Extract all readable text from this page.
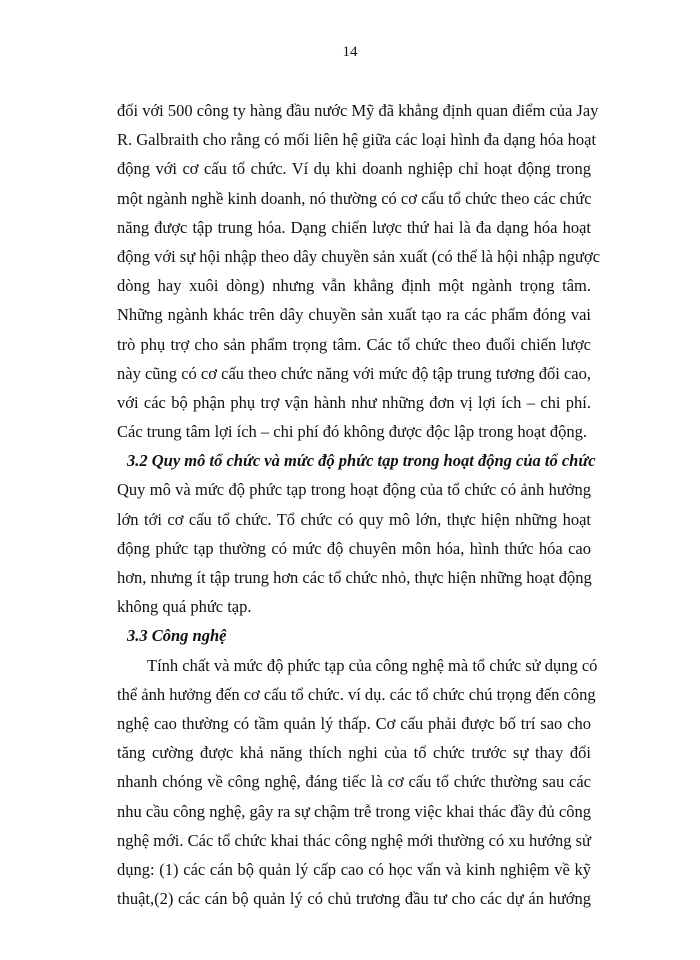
14
đối với 500 công ty hàng đầu nước Mỹ đã khẳng định quan điểm của Jay
R. Galbraith cho rằng có mối liên hệ giữa các loại hình đa dạng hóa hoạt
động với cơ cấu tổ chức. Ví dụ khi doanh nghiệp chỉ hoạt động trong
một ngành nghề kinh doanh, nó thường có cơ cấu tổ chức theo các chức
năng được tập trung hóa. Dạng chiến lược thứ hai là đa dạng hóa hoạt
động với sự hội nhập theo dây chuyền sản xuất (có thể là hội nhập ngược
dòng hay xuôi dòng) nhưng vẫn khẳng định một ngành trọng tâm.
Những ngành khác trên dây chuyền sản xuất tạo ra các phẩm đóng vai
trò phụ trợ cho sản phẩm trọng tâm. Các tổ chức theo đuổi chiến lược
này cũng có cơ cấu theo chức năng với mức độ tập trung tương đối cao,
với các bộ phận phụ trợ vận hành như những đơn vị lợi ích – chi phí.
Các trung tâm lợi ích – chi phí đó không được độc lập trong hoạt động.
3.2 Quy mô tổ chức và mức độ phức tạp trong hoạt động của tổ chức
Quy mô và mức độ phức tạp trong hoạt động của tổ chức có ảnh hưởng
lớn tới cơ cấu tổ chức. Tổ chức có quy mô lớn, thực hiện những hoạt
động phức tạp thường có mức độ chuyên môn hóa, hình thức hóa cao
hơn, nhưng ít tập trung hơn các tổ chức nhỏ, thực hiện những hoạt động
không quá phức tạp.
3.3 Công nghệ
Tính chất và mức độ phức tạp của công nghệ mà tổ chức sử dụng có
thể ảnh hưởng đến cơ cấu tổ chức. ví dụ. các tổ chức chú trọng đến công
nghệ cao thường có tầm quản lý thấp. Cơ cấu phải được bố trí sao cho
tăng cường được khả năng thích nghi của tổ chức trước sự thay đổi
nhanh chóng về công nghệ, đáng tiếc là cơ cấu tổ chức thường sau các
nhu cầu công nghệ, gây ra sự chậm trễ trong việc khai thác đầy đủ công
nghệ mới. Các tổ chức khai thác công nghệ mới thường có xu hướng sử
dụng: (1) các cán bộ quản lý cấp cao có học vấn và kinh nghiệm về kỹ
thuật,(2) các cán bộ quản lý có chủ trương đầu tư cho các dự án hướng
